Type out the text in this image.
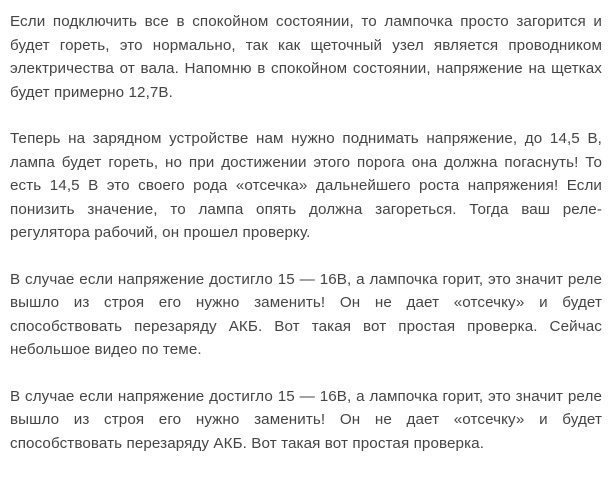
Если подключить все в спокойном состоянии, то лампочка просто загорится и будет гореть, это нормально, так как щеточный узел является проводником электричества от вала. Напомню в спокойном состоянии, напряжение на щетках будет примерно 12,7В.

Теперь на зарядном устройстве нам нужно поднимать напряжение, до 14,5 В, лампа будет гореть, но при достижении этого порога она должна погаснуть! То есть 14,5 В это своего рода «отсечка» дальнейшего роста напряжения! Если понизить значение, то лампа опять должна загореться. Тогда ваш реле-регулятора рабочий, он прошел проверку.

В случае если напряжение достигло 15 — 16В, а лампочка горит, это значит реле вышло из строя его нужно заменить! Он не дает «отсечку» и будет способствовать перезаряду АКБ. Вот такая вот простая проверка. Сейчас небольшое видео по теме.

В случае если напряжение достигло 15 — 16В, а лампочка горит, это значит реле вышло из строя его нужно заменить! Он не дает «отсечку» и будет способствовать перезаряду АКБ. Вот такая вот простая проверка.
